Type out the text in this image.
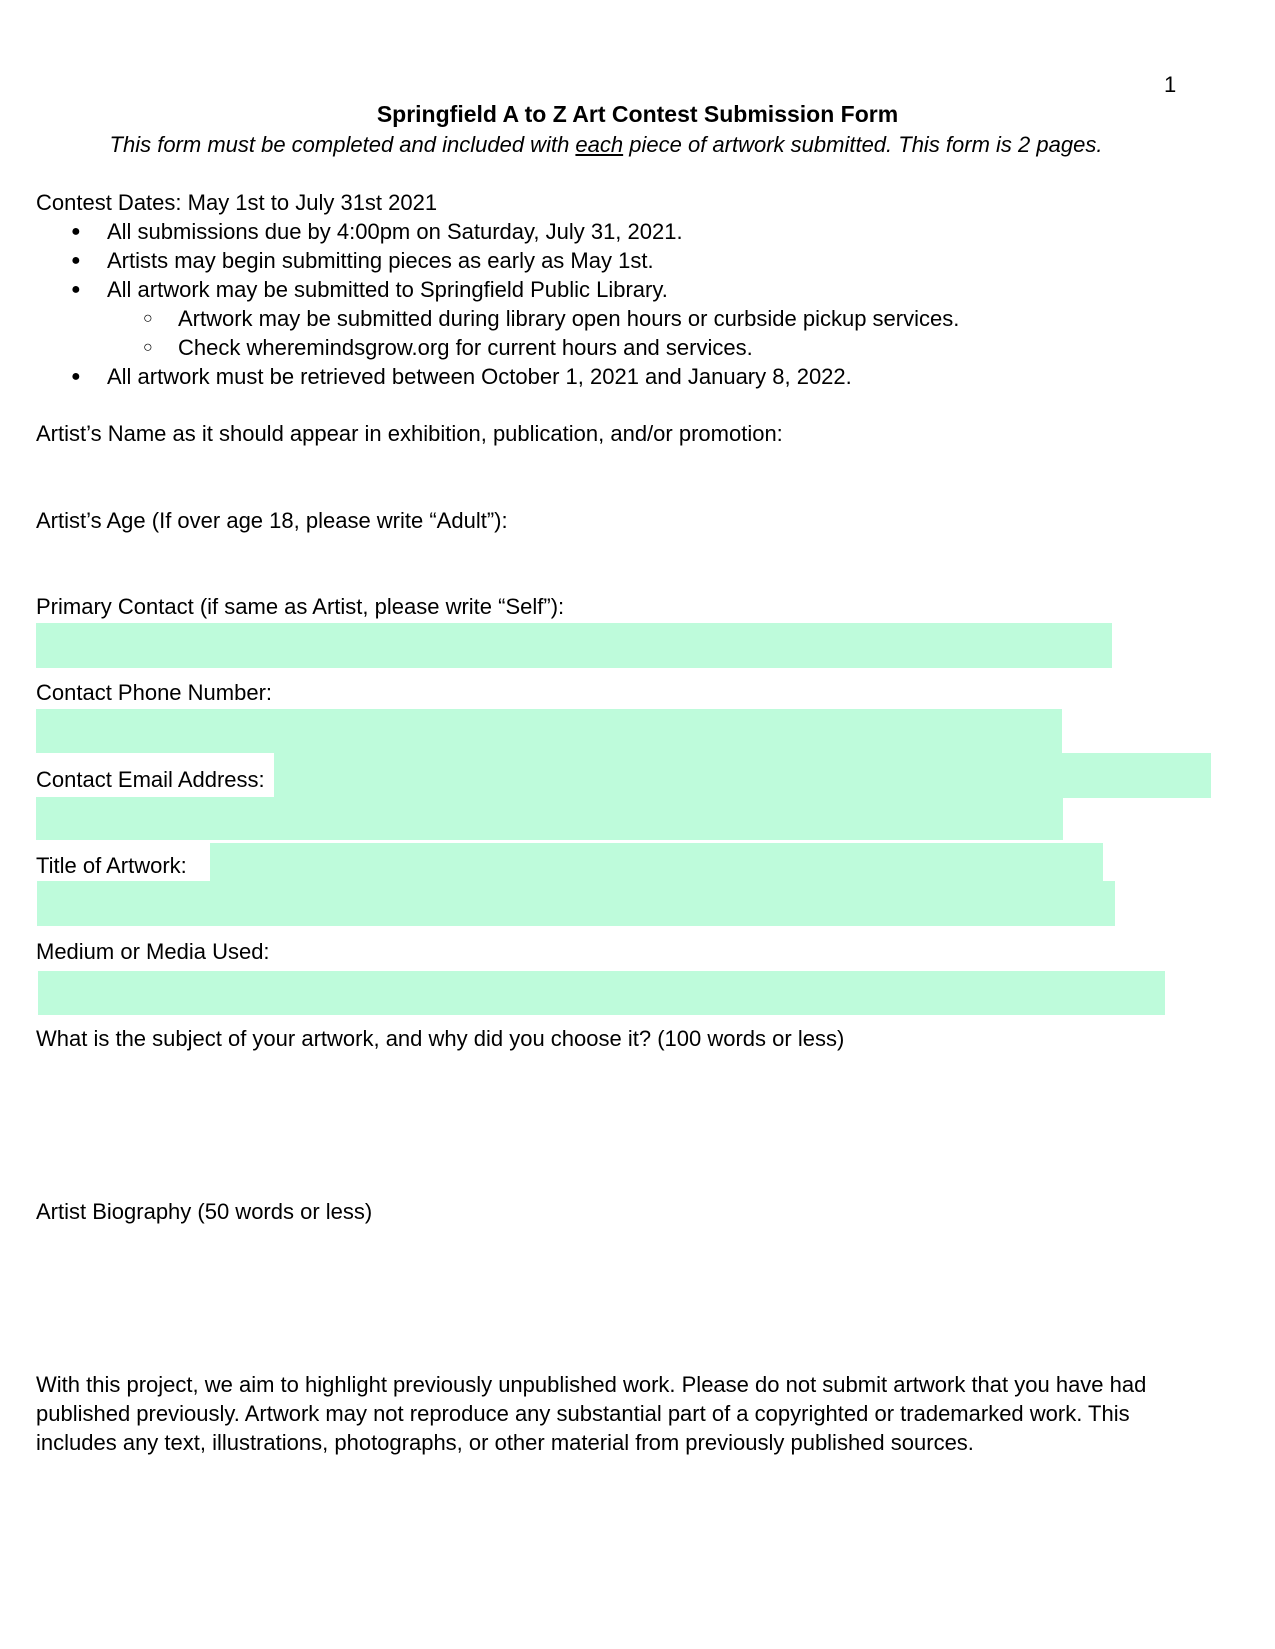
1
Springfield A to Z Art Contest Submission Form
This form must be completed and included with each piece of artwork submitted. This form is 2 pages.
Contest Dates: May 1st to July 31st 2021
● All submissions due by 4:00pm on Saturday, July 31, 2021.
● Artists may begin submitting pieces as early as May 1st.
● All artwork may be submitted to Springfield Public Library.
○ Artwork may be submitted during library open hours or curbside pickup services.
○ Check wheremindsgrow.org for current hours and services.
● All artwork must be retrieved between October 1, 2021 and January 8, 2022.
Artist’s Name as it should appear in exhibition, publication, and/or promotion:
Artist’s Age (If over age 18, please write “Adult”):
Primary Contact (if same as Artist, please write “Self”):
Contact Phone Number:
Contact Email Address:
Title of Artwork:
Medium or Media Used:
What is the subject of your artwork, and why did you choose it? (100 words or less)
Artist Biography (50 words or less)
With this project, we aim to highlight previously unpublished work. Please do not submit artwork that you have had
published previously. Artwork may not reproduce any substantial part of a copyrighted or trademarked work. This
includes any text, illustrations, photographs, or other material from previously published sources.
